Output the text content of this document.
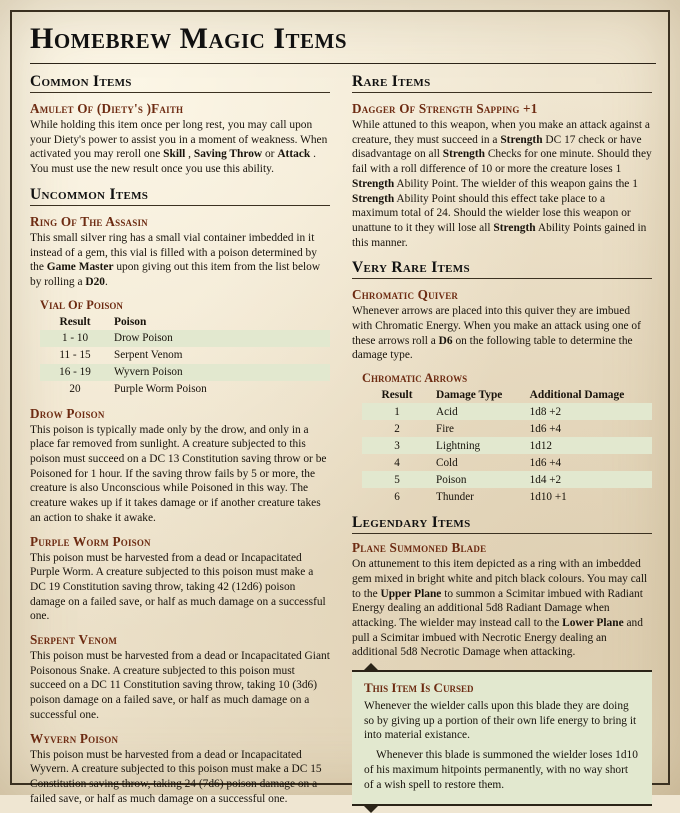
Homebrew Magic Items
Common Items
Amulet Of (Diety's )Faith

While holding this item once per long rest, you may call upon your Diety's power to assist you in a moment of weakness. When activated you may reroll one Skill , Saving Throw or Attack . You must use the new result once you use this ability.

Uncommon Items
Ring Of The Assasin

This small silver ring has a small vial container imbedded in it instead of a gem, this vial is filled with a poison determined by the Game Master upon giving out this item from the list below by rolling a D20.

Vial Of Poison
Result	Poison
1 - 10	Drow Poison
11 - 15	Serpent Venom
16 - 19	Wyvern Poison
20	Purple Worm Poison
Drow Poison

This poison is typically made only by the drow, and only in a place far removed from sunlight. A creature subjected to this poison must succeed on a DC 13 Constitution saving throw or be Poisoned for 1 hour. If the saving throw fails by 5 or more, the creature is also Unconscious while Poisoned in this way. The creature wakes up if it takes damage or if another creature takes an action to shake it awake.

Purple Worm Poison

This poison must be harvested from a dead or Incapacitated Purple Worm. A creature subjected to this poison must make a DC 19 Constitution saving throw, taking 42 (12d6) poison damage on a failed save, or half as much damage on a successful one.

Serpent Venom

This poison must be harvested from a dead or Incapacitated Giant Poisonous Snake. A creature subjected to this poison must succeed on a DC 11 Constitution saving throw, taking 10 (3d6) poison damage on a failed save, or half as much damage on a successful one.

Wyvern Poison

This poison must be harvested from a dead or Incapacitated Wyvern. A creature subjected to this poison must make a DC 15 Constitution saving throw, taking 24 (7d6) poison damage on a failed save, or half as much damage on a successful one.

Rare Items
Dagger Of Strength Sapping +1

While attuned to this weapon, when you make an attack against a creature, they must succeed in a Strength DC 17 check or have disadvantage on all Strength Checks for one minute. Should they fail with a roll difference of 10 or more the creature loses 1 Strength Ability Point. The wielder of this weapon gains the 1 Strength Ability Point should this effect take place to a maximum total of 24. Should the wielder lose this weapon or unattune to it they will lose all Strength Ability Points gained in this manner.

Very Rare Items
Chromatic Quiver

Whenever arrows are placed into this quiver they are imbued with Chromatic Energy. When you make an attack using one of these arrows roll a D6 on the following table to determine the damage type.

Chromatic Arrows
Result	Damage Type	Additional Damage
1	Acid	1d8 +2
2	Fire	1d6 +4
3	Lightning	1d12
4	Cold	1d6 +4
5	Poison	1d4 +2
6	Thunder	1d10 +1
Legendary Items
Plane Summoned Blade

On attunement to this item depicted as a ring with an imbedded gem mixed in bright white and pitch black colours. You may call to the Upper Plane to summon a Scimitar imbued with Radiant Energy dealing an additional 5d8 Radiant Damage when attacking. The wielder may instead call to the Lower Plane and pull a Scimitar imbued with Necrotic Energy dealing an additional 5d8 Necrotic Damage when attacking.

This Item Is Cursed

Whenever the wielder calls upon this blade they are doing so by giving up a portion of their own life energy to bring it into material existance.

Whenever this blade is summoned the wielder loses 1d10 of his maximum hitpoints permanently, with no way short of a wish spell to restore them.
